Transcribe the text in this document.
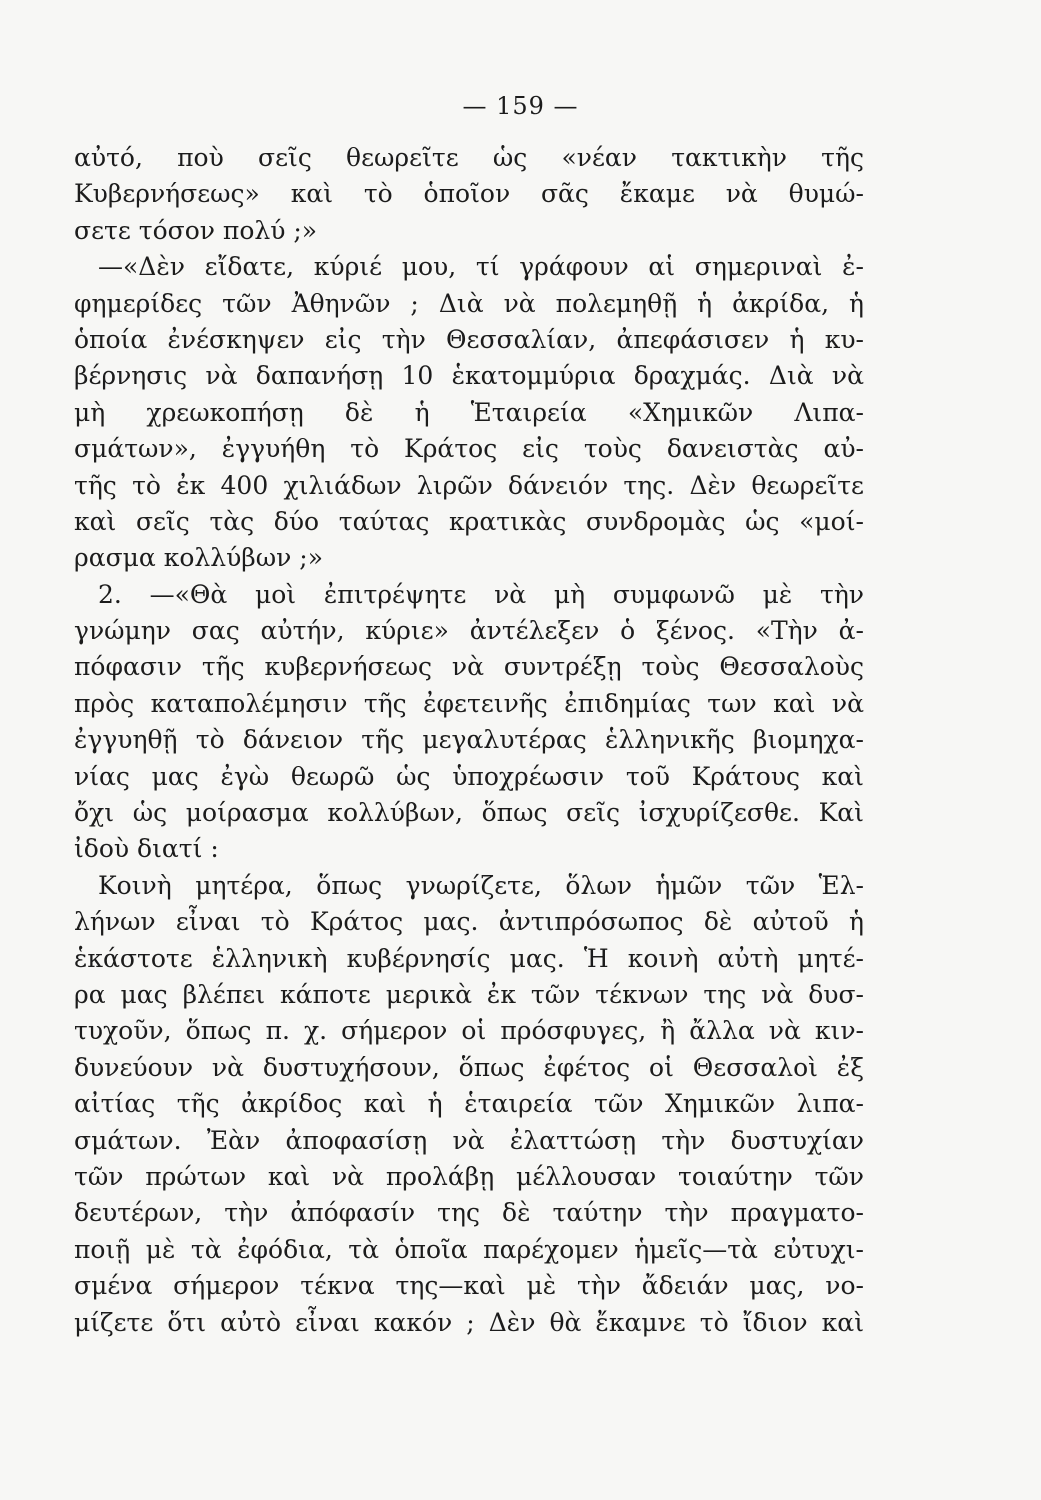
— 159 —
αὐτό, ποὺ σεῖς θεωρεῖτε ὡς «νέαν τακτικὴν τῆς
Κυβερνήσεως» καὶ τὸ ὁποῖον σᾶς ἔκαμε νὰ θυμώ-
σετε τόσον πολύ ;»
—«Δὲν εἴδατε, κύριέ μου, τί γράφουν αἱ σημεριναὶ ἐ-
φημερίδες τῶν Ἀθηνῶν ; Διὰ νὰ πολεμηθῇ ἡ ἀκρίδα, ἡ
ὁποία ἐνέσκηψεν εἰς τὴν Θεσσαλίαν, ἀπεφάσισεν ἡ κυ-
βέρνησις νὰ δαπανήσῃ 10 ἑκατομμύρια δραχμάς. Διὰ νὰ
μὴ χρεωκοπήσῃ δὲ ἡ Ἑταιρεία «Χημικῶν Λιπα-
σμάτων», ἐγγυήθη τὸ Κράτος εἰς τοὺς δανειστὰς αὐ-
τῆς τὸ ἐκ 400 χιλιάδων λιρῶν δάνειόν της. Δὲν θεωρεῖτε
καὶ σεῖς τὰς δύο ταύτας κρατικὰς συνδρομὰς ὡς «μοί-
ρασμα κολλύβων ;»
2. —«Θὰ μοὶ ἐπιτρέψητε νὰ μὴ συμφωνῶ μὲ τὴν
γνώμην σας αὐτήν, κύριε» ἀντέλεξεν ὁ ξένος. «Τὴν ἀ-
πόφασιν τῆς κυβερνήσεως νὰ συντρέξῃ τοὺς Θεσσαλοὺς
πρὸς καταπολέμησιν τῆς ἐφετεινῆς ἐπιδημίας των καὶ νὰ
ἐγγυηθῇ τὸ δάνειον τῆς μεγαλυτέρας ἑλληνικῆς βιομηχα-
νίας μας ἐγὼ θεωρῶ ὡς ὑποχρέωσιν τοῦ Κράτους καὶ
ὄχι ὡς μοίρασμα κολλύβων, ὅπως σεῖς ἰσχυρίζεσθε. Καὶ
ἰδοὺ διατί :
Κοινὴ μητέρα, ὅπως γνωρίζετε, ὅλων ἡμῶν τῶν Ἑλ-
λήνων εἶναι τὸ Κράτος μας. ἀντιπρόσωπος δὲ αὐτοῦ ἡ
ἑκάστοτε ἑλληνικὴ κυβέρνησίς μας. Ἡ κοινὴ αὐτὴ μητέ-
ρα μας βλέπει κάποτε μερικὰ ἐκ τῶν τέκνων της νὰ δυσ-
τυχοῦν, ὅπως π. χ. σήμερον οἱ πρόσφυγες, ἢ ἄλλα νὰ κιν-
δυνεύουν νὰ δυστυχήσουν, ὅπως ἐφέτος οἱ Θεσσαλοὶ ἐξ
αἰτίας τῆς ἀκρίδος καὶ ἡ ἑταιρεία τῶν Χημικῶν λιπα-
σμάτων. Ἐὰν ἀποφασίσῃ νὰ ἐλαττώσῃ τὴν δυστυχίαν
τῶν πρώτων καὶ νὰ προλάβῃ μέλλουσαν τοιαύτην τῶν
δευτέρων, τὴν ἀπόφασίν της δὲ ταύτην τὴν πραγματο-
ποιῇ μὲ τὰ ἐφόδια, τὰ ὁποῖα παρέχομεν ἡμεῖς—τὰ εὐτυχι-
σμένα σήμερον τέκνα της—καὶ μὲ τὴν ἄδειάν μας, νο-
μίζετε ὅτι αὐτὸ εἶναι κακόν ; Δὲν θὰ ἔκαμνε τὸ ἴδιον καὶ
